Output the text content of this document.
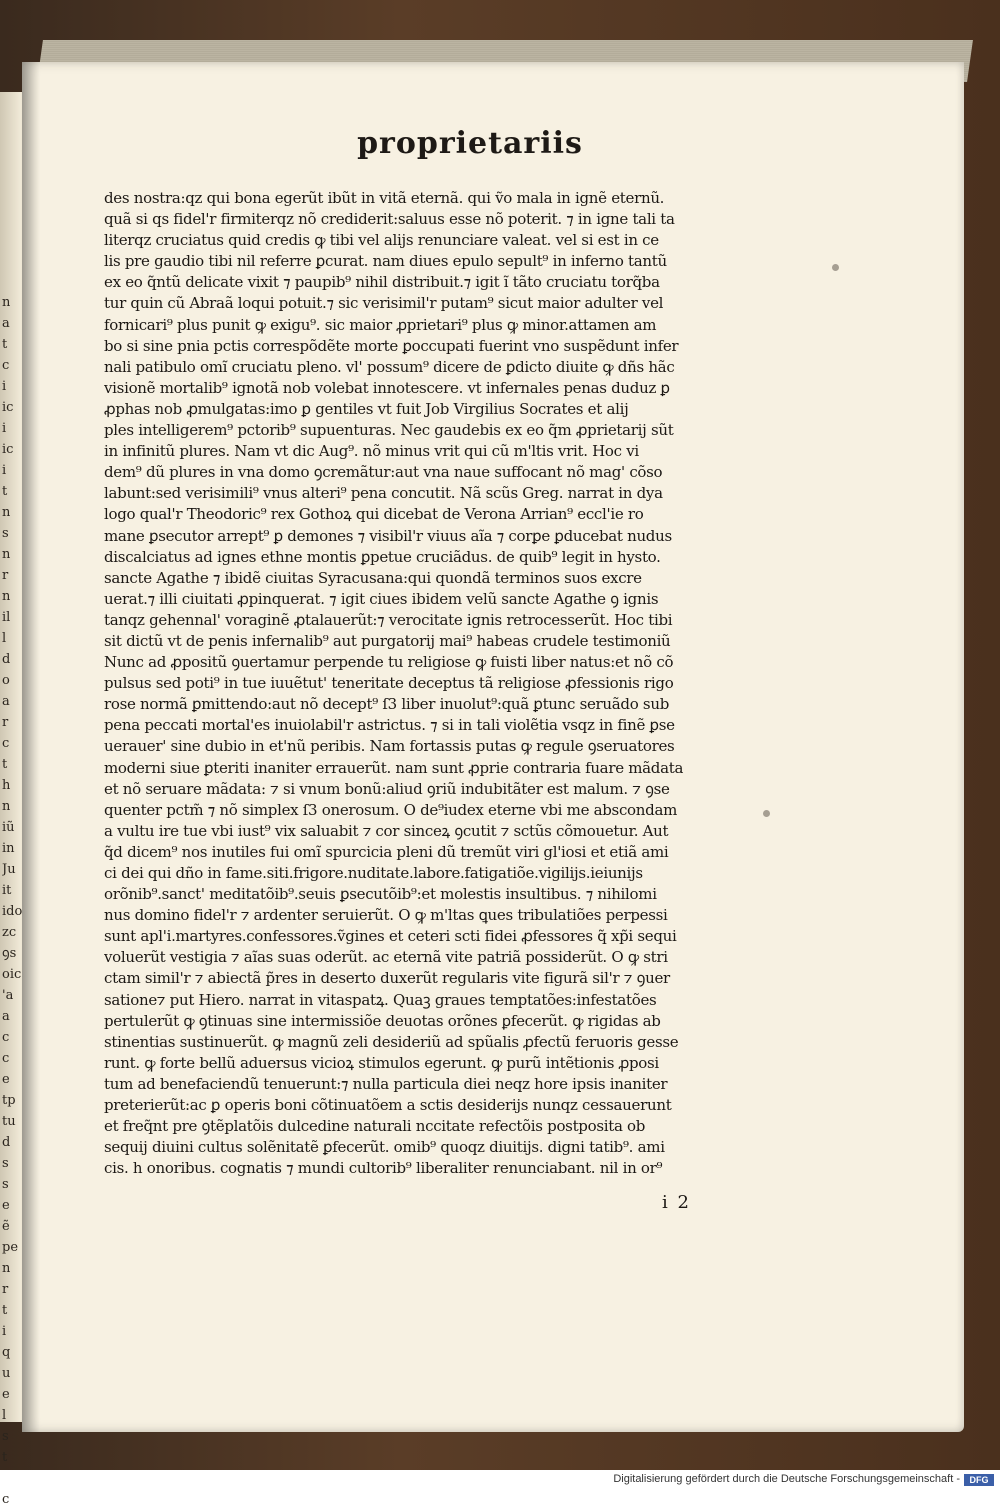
n
a
t
c
i
ic
i
ic
i
t
n
s
n
r
n
il
l
d
o
a
r
c
t
h
n
iũ
in
Ju
it
ido
zc
ꝯs
oic
'a
a
c
c
e
tp
tu
d
s
s
e
ẽ
pe
n
r
t
i
q
u
e
l
s
t
c
proprietariis
des nostra:qz qui bona egerũt ibũt in vitã eternã. qui ṽo mala in ignẽ eternũ.
quã si qs fidel'r firmiterqz nõ crediderit:saluus esse nõ poterit. ⁊ in igne tali ta
literqz cruciatus quid credis ꝙ tibi vel alijs renunciare valeat. vel si est in ce
lis pre gaudio tibi nil referre ꝑcurat. nam diues epulo sepult⁹ in inferno tantũ
ex eo q̃ntũ delicate vixit ⁊ paupib⁹ nihil distribuit.⁊ igit ĩ tãto cruciatu torq̃ba
tur quin cũ Abraã loqui potuit.⁊ sic verisimil'r putam⁹ sicut maior adulter vel
fornicari⁹ plus punit ꝙ exigu⁹. sic maior ꝓprietari⁹ plus ꝙ minor.attamen am
bo si sine pnia pctis correspõdẽte morte ꝑoccupati fuerint vno suspẽdunt infer
nali patibulo omĩ cruciatu pleno. vl' possum⁹ dicere de ꝑdicto diuite ꝙ dñs hãc
visionẽ mortalib⁹ ignotã nob volebat innotescere. vt infernales penas duduz ꝑ
ꝓphas nob ꝓmulgatas:imo ꝑ gentiles vt fuit Job Virgilius Socrates et alij
ples intelligerem⁹ pctorib⁹ supuenturas. Nec gaudebis ex eo q̃m ꝓprietarij sũt
in infinitũ plures. Nam vt dic Aug⁹. nõ minus vrit qui cũ m'ltis vrit. Hoc vi
dem⁹ dũ plures in vna domo ꝯcremãtur:aut vna naue suffocant nõ mag' cõso
labunt:sed verisimili⁹ vnus alteri⁹ pena concutit. Nã scũs Greg. narrat in dya
logo qual'r Theodoric⁹ rex Gothoꝝ qui dicebat de Verona Arrian⁹ eccl'ie ro
mane ꝑsecutor arrept⁹ ꝑ demones ⁊ visibil'r viuus aĩa ⁊ corꝑe ꝑducebat nudus
discalciatus ad ignes ethne montis ꝑpetue cruciãdus. de quib⁹ legit in hysto.
sancte Agathe ⁊ ibidẽ ciuitas Syracusana:qui quondã terminos suos excre
uerat.⁊ illi ciuitati ꝓpinquerat. ⁊ igit ciues ibidem velũ sancte Agathe ꝯ ignis
tanqz gehennal' voraginẽ ꝓtalauerũt:⁊ verocitate ignis retrocesserũt. Hoc tibi
sit dictũ vt de penis infernalib⁹ aut purgatorij mai⁹ habeas crudele testimoniũ
Nunc ad ꝓpositũ ꝯuertamur perpende tu religiose ꝙ fuisti liber natus:et nõ cõ
pulsus sed poti⁹ in tue iuuẽtut' teneritate deceptus tã religiose ꝓfessionis rigo
rose normã ꝑmittendo:aut nõ decept⁹ ſ3 liber inuolut⁹:quã ꝑtunc seruãdo sub
pena peccati mortal'es inuiolabil'r astrictus. ⁊ si in tali violẽtia vsqz in finẽ ꝑse
uerauer' sine dubio in et'nũ peribis. Nam fortassis putas ꝙ regule ꝯseruatores
moderni siue ꝑteriti inaniter errauerũt. nam sunt ꝓprie contraria fuare mãdata
et nõ seruare mãdata: ⁊ si vnum bonũ:aliud ꝯriũ indubitãter est malum. ⁊ ꝯse
quenter pctm̃ ⁊ nõ simplex ſ3 onerosum. O de⁹iudex eterne vbi me abscondam
a vultu ire tue vbi iust⁹ vix saluabit ⁊ cor sinceꝝ ꝯcutit ⁊ sctũs cõmouetur. Aut
q̃d dicem⁹ nos inutiles fui omĩ spurcicia pleni dũ tremũt viri gl'iosi et etiã ami
ci dei qui dño in fame.siti.frigore.nuditate.labore.fatigatiõe.vigilijs.ieiunijs
orõnib⁹.sanct' meditatõib⁹.seuis ꝑsecutõib⁹:et molestis insultibus. ⁊ nihilomi
nus domino fidel'r ⁊ ardenter seruierũt. O ꝙ m'ltas ꝗues tribulatiões perpessi
sunt apl'i.martyres.confessores.ṽgines et ceteri scti fidei ꝓfessores q̃ xp̃i sequi
voluerũt vestigia ⁊ aĩas suas oderũt. ac eternã vite patriã possiderũt. O ꝙ stri
ctam simil'r ⁊ abiectã p̃res in deserto duxerũt regularis vite figurã sil'r ⁊ ꝯuer
satione⁊ put Hiero. narrat in vitaspatꝝ. Quaꝫ graues temptatões:infestatões
pertulerũt ꝙ ꝯtinuas sine intermissiõe deuotas orõnes ꝑfecerũt. ꝙ rigidas ab
stinentias sustinuerũt. ꝙ magnũ zeli desideriũ ad spũalis ꝓfectũ feruoris gesse
runt. ꝙ forte bellũ aduersus vicioꝝ stimulos egerunt. ꝙ purũ intẽtionis ꝓposi
tum ad benefaciendũ tenuerunt:⁊ nulla particula diei neqz hore ipsis inaniter
preterierũt:ac ꝑ operis boni cõtinuatõem a sctis desiderijs nunqz cessauerunt
et freq̃nt pre ꝯtẽplatõis dulcedine naturali nccitate refectõis postposita ob
sequij diuini cultus solẽnitatẽ ꝑfecerũt. omib⁹ quoqz diuitijs. digni tatib⁹. ami
cis. h onoribus. cognatis ⁊ mundi cultorib⁹ liberaliter renunciabant. nil in or⁹
i 2
Digitalisierung gefördert durch die Deutsche Forschungsgemeinschaft -	DFG
